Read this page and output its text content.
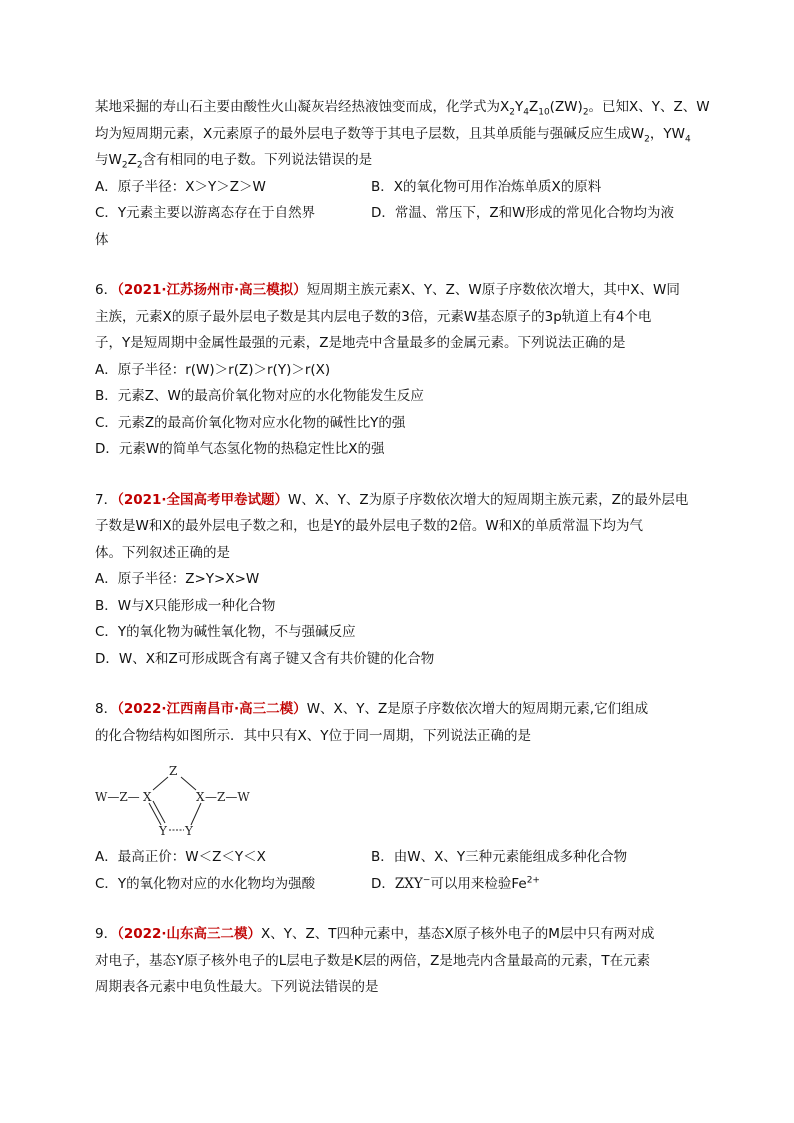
某地采掘的寿山石主要由酸性火山凝灰岩经热液蚀变而成，化学式为$X_2Y_4Z_{10}(ZW)_2$。已知X、Y、Z、W
均为短周期元素，X元素原子的最外层电子数等于其电子层数，且其单质能与强碱反应生成$W_2$，$YW_4$
与$W_2Z_2$含有相同的电子数。下列说法错误的是
A．原子半径：X＞Y＞Z＞W	B．X的氧化物可用作冶炼单质X的原料
C．Y元素主要以游离态存在于自然界	D．常温、常压下，Z和W形成的常见化合物均为液
体
6．（2021·江苏扬州市·高三模拟）短周期主族元素X、Y、Z、W原子序数依次增大，其中X、W同
主族，元素X的原子最外层电子数是其内层电子数的3倍，元素W基态原子的3p轨道上有4个电
子，Y是短周期中金属性最强的元素，Z是地壳中含量最多的金属元素。下列说法正确的是
A．原子半径：r(W)＞r(Z)＞r(Y)＞r(X)
B．元素Z、W的最高价氧化物对应的水化物能发生反应
C．元素Z的最高价氧化物对应水化物的碱性比Y的强
D．元素W的简单气态氢化物的热稳定性比X的强
7．（2021·全国高考甲卷试题）W、X、Y、Z为原子序数依次增大的短周期主族元素，Z的最外层电
子数是W和X的最外层电子数之和，也是Y的最外层电子数的2倍。W和X的单质常温下均为气
体。下列叙述正确的是
A．原子半径：Z>Y>X>W
B．W与X只能形成一种化合物
C．Y的氧化物为碱性氧化物，不与强碱反应
D．W、X和Z可形成既含有离子键又含有共价键的化合物
8．（2022·江西南昌市·高三二模）W、X、Y、Z是原子序数依次增大的短周期元素,它们组成
的化合物结构如图所示．其中只有X、Y位于同一周期，下列说法正确的是
Z
W—Z— X	X —Z—W
Y Y
A．最高正价：W＜Z＜Y＜X	B．由W、X、Y三种元素能组成多种化合物
C．Y的氧化物对应的水化物均为强酸	D．ZXY−可以用来检验$Fe^{2+}$
9．（2022·山东高三二模）X、Y、Z、T四种元素中，基态X原子核外电子的M层中只有两对成
对电子，基态Y原子核外电子的L层电子数是K层的两倍，Z是地壳内含量最高的元素，T在元素
周期表各元素中电负性最大。下列说法错误的是
